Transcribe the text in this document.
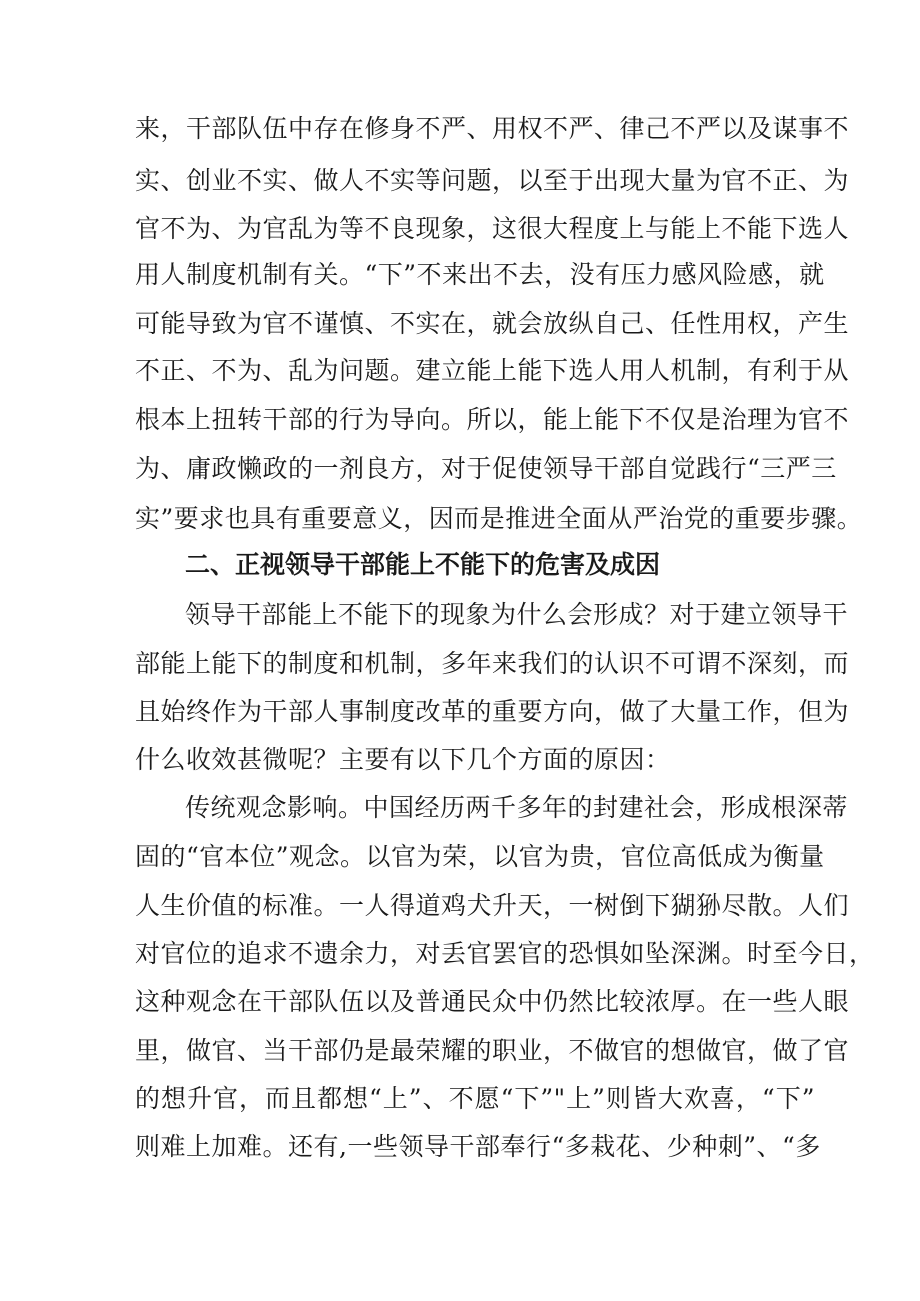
来，干部队伍中存在修身不严、用权不严、律己不严以及谋事不
实、创业不实、做人不实等问题，以至于出现大量为官不正、为
官不为、为官乱为等不良现象，这很大程度上与能上不能下选人
用人制度机制有关。“下”不来出不去，没有压力感风险感，就
可能导致为官不谨慎、不实在，就会放纵自己、任性用权，产生
不正、不为、乱为问题。建立能上能下选人用人机制，有利于从
根本上扭转干部的行为导向。所以，能上能下不仅是治理为官不
为、庸政懒政的一剂良方，对于促使领导干部自觉践行“三严三
实”要求也具有重要意义，因而是推进全面从严治党的重要步骤。
二、正视领导干部能上不能下的危害及成因
领导干部能上不能下的现象为什么会形成？对于建立领导干
部能上能下的制度和机制，多年来我们的认识不可谓不深刻，而
且始终作为干部人事制度改革的重要方向，做了大量工作，但为
什么收效甚微呢？主要有以下几个方面的原因：
传统观念影响。中国经历两千多年的封建社会，形成根深蒂
固的“官本位”观念。以官为荣，以官为贵，官位高低成为衡量
人生价值的标准。一人得道鸡犬升天，一树倒下猢狲尽散。人们
对官位的追求不遗余力，对丢官罢官的恐惧如坠深渊。时至今日，
这种观念在干部队伍以及普通民众中仍然比较浓厚。在一些人眼
里，做官、当干部仍是最荣耀的职业，不做官的想做官，做了官
的想升官，而且都想“上”、不愿“下”"上”则皆大欢喜，“下”
则难上加难。还有,一些领导干部奉行“多栽花、少种刺”、“多
